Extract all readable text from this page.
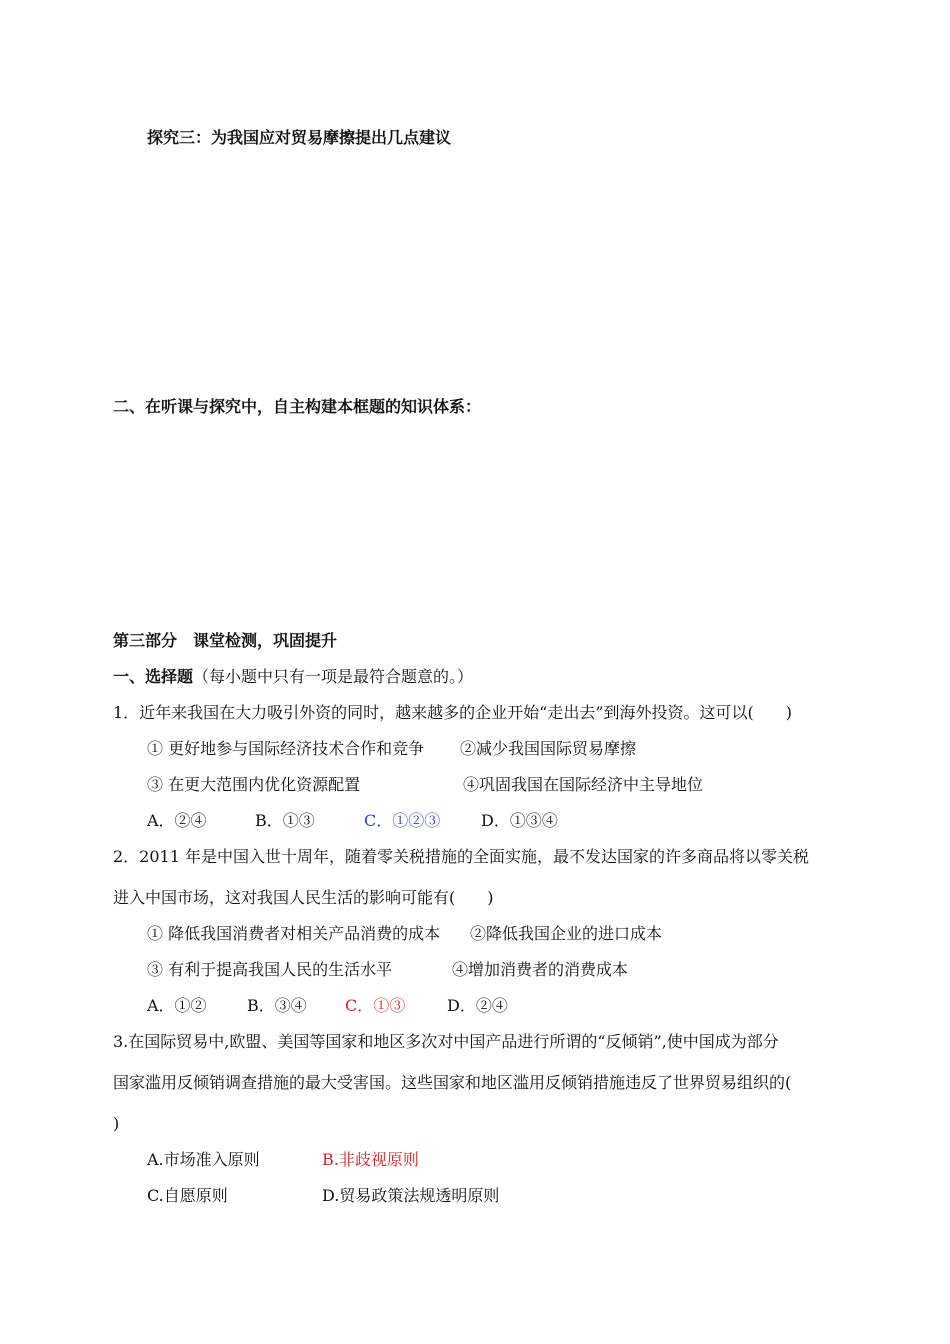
探究三：为我国应对贸易摩擦提出几点建议
二、在听课与探究中，自主构建本框题的知识体系：
第三部分　课堂检测，巩固提升
一、选择题（每小题中只有一项是最符合题意的。）
1．近年来我国在大力吸引外资的同时，越来越多的企业开始“走出去”到海外投资。这可以(　　)
① 更好地参与国际经济技术合作和竞争 ②减少我国国际贸易摩擦
③ 在更大范围内优化资源配置	④巩固我国在国际经济中主导地位
A．②④	B．①③	C．①②③	D．①③④
2．2011 年是中国入世十周年，随着零关税措施的全面实施，最不发达国家的许多商品将以零关税
进入中国市场，这对我国人民生活的影响可能有(　　)
① 降低我国消费者对相关产品消费的成本 ②降低我国企业的进口成本
③ 有利于提高我国人民的生活水平	④增加消费者的消费成本
A．①②	B．③④ C．①③	D．②④
3.在国际贸易中,欧盟、美国等国家和地区多次对中国产品进行所谓的“反倾销”,使中国成为部分
国家滥用反倾销调查措施的最大受害国。这些国家和地区滥用反倾销措施违反了世界贸易组织的(
)
A.市场准入原则	B.非歧视原则
C.自愿原则	D.贸易政策法规透明原则
